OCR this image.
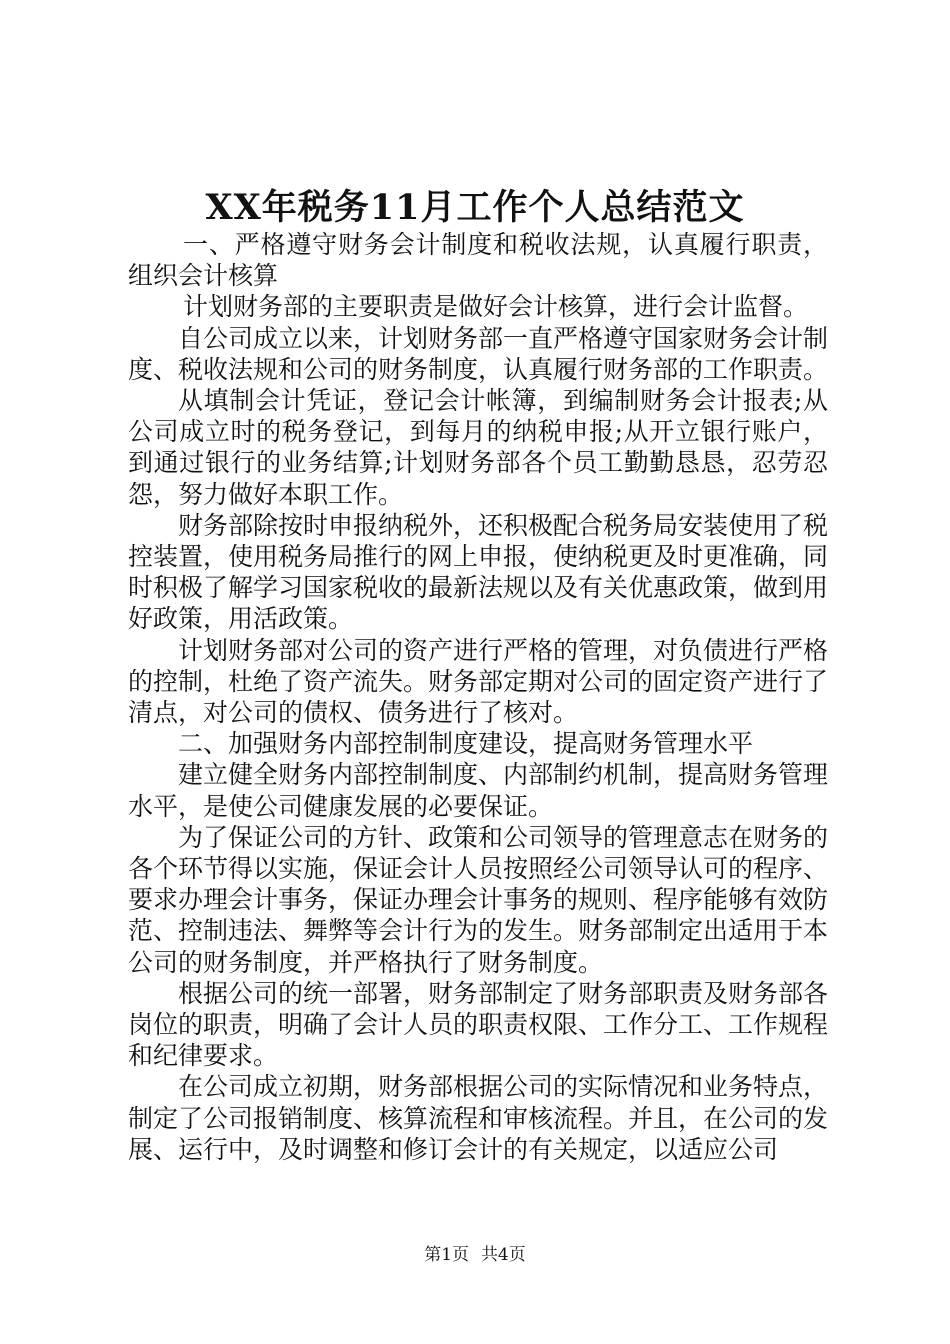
XX年税务11月工作个人总结范文

一、严格遵守财务会计制度和税收法规，认真履行职责，组织会计核算

计划财务部的主要职责是做好会计核算，进行会计监督。

自公司成立以来，计划财务部一直严格遵守国家财务会计制度、税收法规和公司的财务制度，认真履行财务部的工作职责。

从填制会计凭证，登记会计帐簿，到编制财务会计报表;从公司成立时的税务登记，到每月的纳税申报;从开立银行账户，到通过银行的业务结算;计划财务部各个员工勤勤恳恳，忍劳忍怨，努力做好本职工作。

财务部除按时申报纳税外，还积极配合税务局安装使用了税控装置，使用税务局推行的网上申报，使纳税更及时更准确，同时积极了解学习国家税收的最新法规以及有关优惠政策，做到用好政策，用活政策。

计划财务部对公司的资产进行严格的管理，对负债进行严格的控制，杜绝了资产流失。财务部定期对公司的固定资产进行了清点，对公司的债权、债务进行了核对。

二、加强财务内部控制制度建设，提高财务管理水平

建立健全财务内部控制制度、内部制约机制，提高财务管理水平，是使公司健康发展的必要保证。

为了保证公司的方针、政策和公司领导的管理意志在财务的各个环节得以实施，保证会计人员按照经公司领导认可的程序、要求办理会计事务，保证办理会计事务的规则、程序能够有效防范、控制违法、舞弊等会计行为的发生。财务部制定出适用于本公司的财务制度，并严格执行了财务制度。

根据公司的统一部署，财务部制定了财务部职责及财务部各岗位的职责，明确了会计人员的职责权限、工作分工、工作规程和纪律要求。

在公司成立初期，财务部根据公司的实际情况和业务特点，制定了公司报销制度、核算流程和审核流程。并且，在公司的发展、运行中，及时调整和修订会计的有关规定，以适应公司

第1页 共4页
